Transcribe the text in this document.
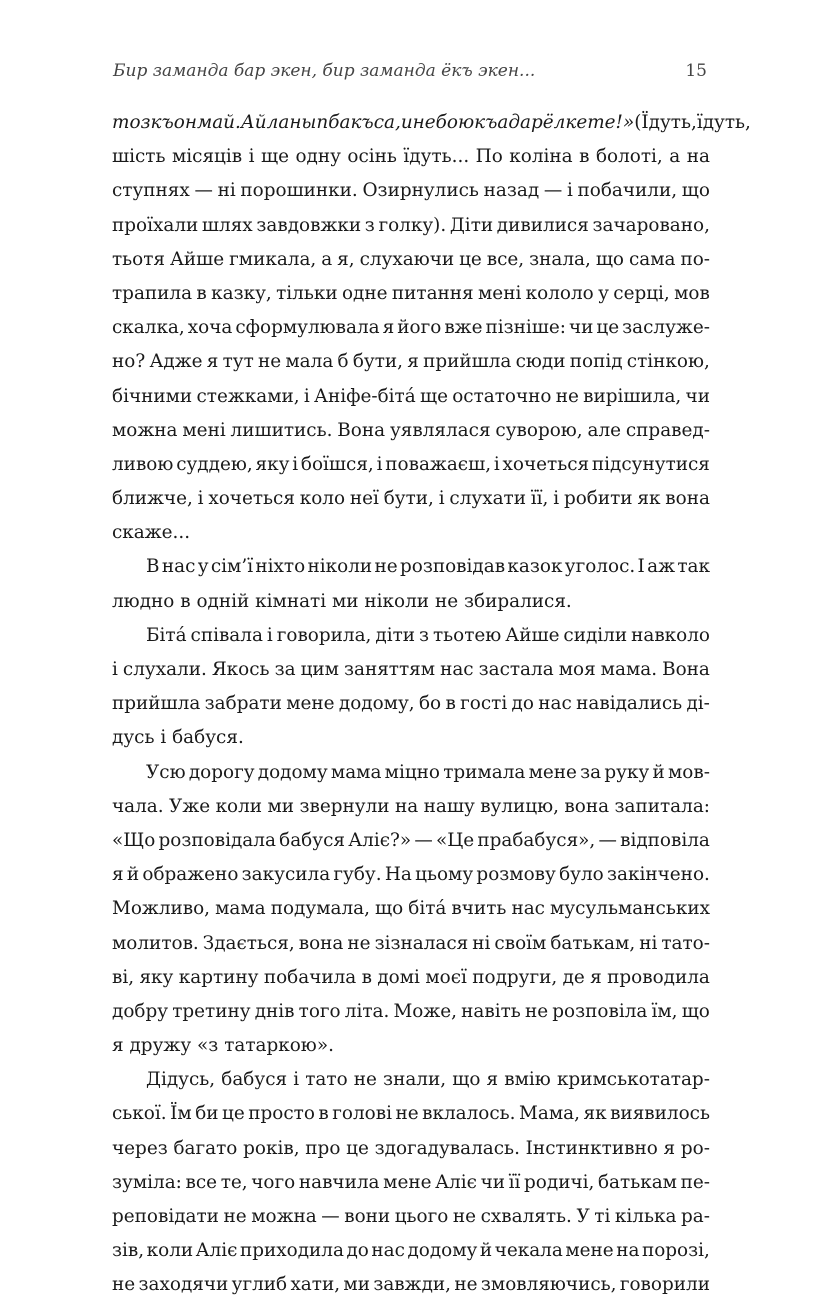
Бир заманда бар экен, бир заманда ёкъ экен...	15
тоз къонмай. Айланып бакъса, ине бою къадар ёл кете!» (Їдуть, їдуть,
шість місяців і ще одну осінь їдуть... По коліна в болоті, а на
ступнях — ні порошинки. Озирнулись назад — і побачили, що
проїхали шлях завдовжки з голку). Діти дивилися зачаровано,
тьотя Айше гмикала, а я, слухаючи це все, знала, що сама по-
трапила в казку, тільки одне питання мені кололо у серці, мов
скалка, хоча сформулювала я його вже пізніше: чи це заслуже-
но? Адже я тут не мала б бути, я прийшла сюди попід стінкою,
бічними стежками, і Аніфе-біта́ ще остаточно не вирішила, чи
можна мені лишитись. Вона уявлялася суворою, але справед-
ливою суддею, яку і боїшся, і поважаєш, і хочеться підсунутися
ближче, і хочеться коло неї бути, і слухати її, і робити як вона
скаже...
В нас у сім’ї ніхто ніколи не розповідав казок уголос. І аж так
людно в одній кімнаті ми ніколи не збиралися.
Біта́ співала і говорила, діти з тьотею Айше сиділи навколо
і слухали. Якось за цим заняттям нас застала моя мама. Вона
прийшла забрати мене додому, бо в гості до нас навідались ді-
дусь і бабуся.
Усю дорогу додому мама міцно тримала мене за руку й мов-
чала. Уже коли ми звернули на нашу вулицю, вона запитала:
«Що розповідала бабуся Аліє?» — «Це прабабуся», — відповіла
я й ображено закусила губу. На цьому розмову було закінчено.
Можливо, мама подумала, що біта́ вчить нас мусульманських
молитов. Здається, вона не зізналася ні своїм батькам, ні тато-
ві, яку картину побачила в домі моєї подруги, де я проводила
добру третину днів того літа. Може, навіть не розповіла їм, що
я дружу «з татаркою».
Дідусь, бабуся і тато не знали, що я вмію кримськотатар-
ської. Їм би це просто в голові не вклалось. Мама, як виявилось
через багато років, про це здогадувалась. Інстинктивно я ро-
зуміла: все те, чого навчила мене Аліє чи її родичі, батькам пе-
реповідати не можна — вони цього не схвалять. У ті кілька ра-
зів, коли Аліє приходила до нас додому й чекала мене на порозі,
не заходячи углиб хати, ми завжди, не змовляючись, говорили
